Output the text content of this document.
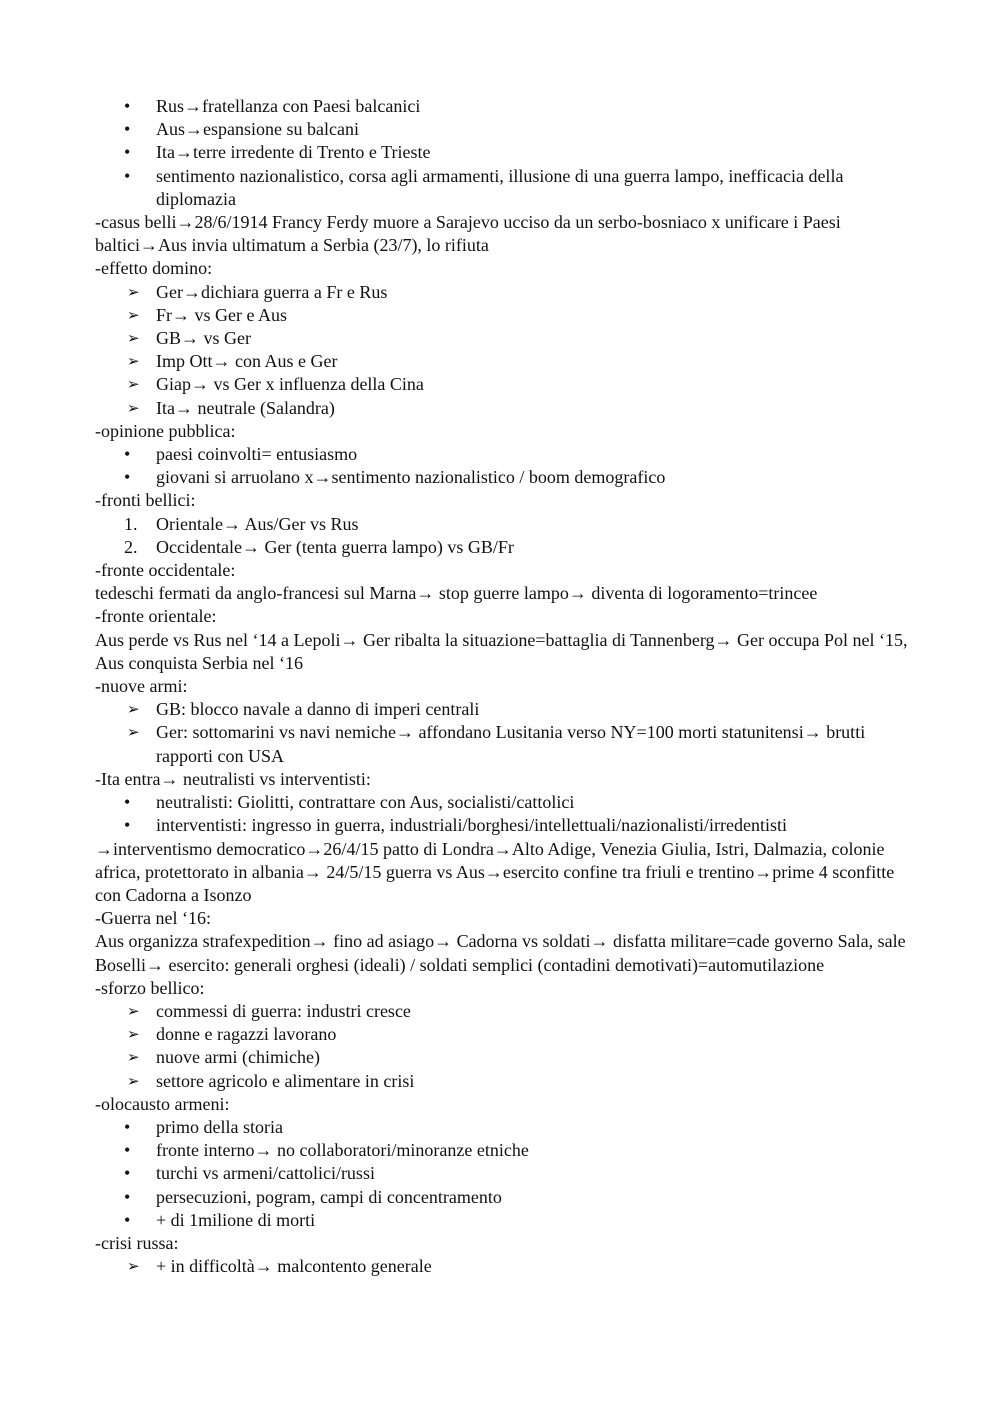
Rus→fratellanza con Paesi balcanici
Aus→espansione su balcani
Ita→terre irredente di Trento e Trieste
sentimento nazionalistico, corsa agli armamenti, illusione di una guerra lampo, inefficacia della diplomazia

-casus belli→28/6/1914 Francy Ferdy muore a Sarajevo ucciso da un serbo-bosniaco x unificare i Paesi baltici→Aus invia ultimatum a Serbia (23/7), lo rifiuta

-effetto domino:

Ger→dichiara guerra a Fr e Rus
Fr→ vs Ger e Aus
GB→ vs Ger
Imp Ott→ con Aus e Ger
Giap→ vs Ger x influenza della Cina
Ita→ neutrale (Salandra)

-opinione pubblica:

paesi coinvolti= entusiasmo
giovani si arruolano x→sentimento nazionalistico / boom demografico

-fronti bellici:

1. Orientale→ Aus/Ger vs Rus
2. Occidentale→ Ger (tenta guerra lampo) vs GB/Fr

-fronte occidentale:

tedeschi fermati da anglo-francesi sul Marna→ stop guerre lampo→ diventa di logoramento=trincee

-fronte orientale:

Aus perde vs Rus nel ‘14 a Lepoli→ Ger ribalta la situazione=battaglia di Tannenberg→ Ger occupa Pol nel ‘15, Aus conquista Serbia nel ‘16

-nuove armi:

GB: blocco navale a danno di imperi centrali
Ger: sottomarini vs navi nemiche→ affondano Lusitania verso NY=100 morti statunitensi→ brutti rapporti con USA

-Ita entra→ neutralisti vs interventisti:

neutralisti: Giolitti, contrattare con Aus, socialisti/cattolici
interventisti: ingresso in guerra, industriali/borghesi/intellettuali/nazionalisti/irredentisti

→interventismo democratico→26/4/15 patto di Londra→Alto Adige, Venezia Giulia, Istri, Dalmazia, colonie africa, protettorato in albania→ 24/5/15 guerra vs Aus→esercito confine tra friuli e trentino→prime 4 sconfitte con Cadorna a Isonzo

-Guerra nel ‘16:

Aus organizza strafexpedition→ fino ad asiago→ Cadorna vs soldati→ disfatta militare=cade governo Sala, sale Boselli→ esercito: generali orghesi (ideali) / soldati semplici (contadini demotivati)=automutilazione

-sforzo bellico:

commessi di guerra: industri cresce
donne e ragazzi lavorano
nuove armi (chimiche)
settore agricolo e alimentare in crisi

-olocausto armeni:

primo della storia
fronte interno→ no collaboratori/minoranze etniche
turchi vs armeni/cattolici/russi
persecuzioni, pogram, campi di concentramento
+ di 1milione di morti

-crisi russa:

+ in difficoltà→ malcontento generale
